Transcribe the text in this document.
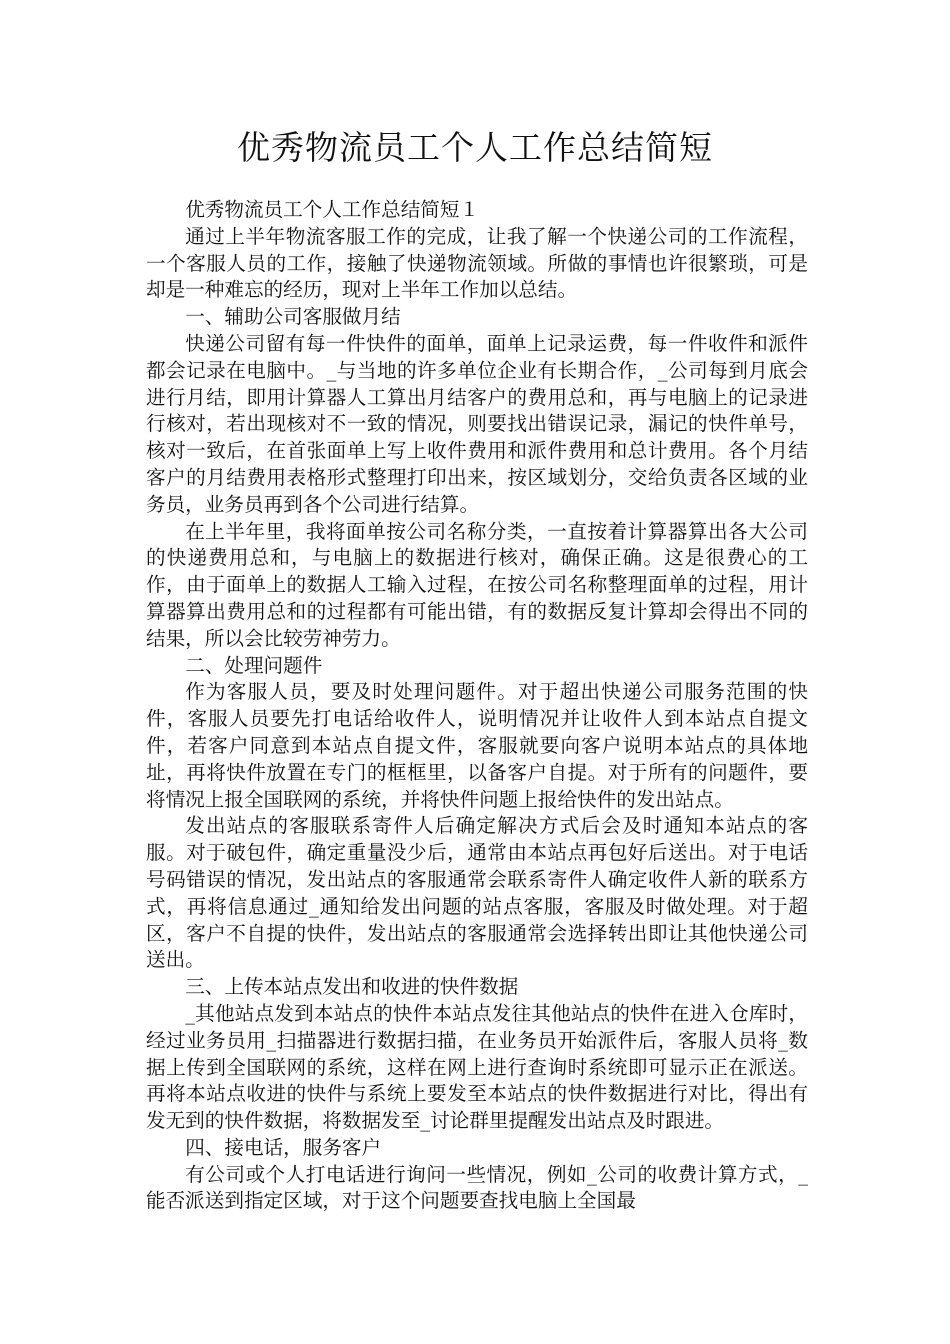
优秀物流员工个人工作总结简短

优秀物流员工个人工作总结简短１

通过上半年物流客服工作的完成，让我了解一个快递公司的工作流程，一个客服人员的工作，接触了快递物流领域。所做的事情也许很繁琐，可是却是一种难忘的经历，现对上半年工作加以总结。

一、辅助公司客服做月结

快递公司留有每一件快件的面单，面单上记录运费，每一件收件和派件都会记录在电脑中。_与当地的许多单位企业有长期合作，_公司每到月底会进行月结，即用计算器人工算出月结客户的费用总和，再与电脑上的记录进行核对，若出现核对不一致的情况，则要找出错误记录，漏记的快件单号，核对一致后，在首张面单上写上收件费用和派件费用和总计费用。各个月结客户的月结费用表格形式整理打印出来，按区域划分，交给负责各区域的业务员，业务员再到各个公司进行结算。

在上半年里，我将面单按公司名称分类，一直按着计算器算出各大公司的快递费用总和，与电脑上的数据进行核对，确保正确。这是很费心的工作，由于面单上的数据人工输入过程，在按公司名称整理面单的过程，用计算器算出费用总和的过程都有可能出错，有的数据反复计算却会得出不同的结果，所以会比较劳神劳力。

二、处理问题件

作为客服人员，要及时处理问题件。对于超出快递公司服务范围的快件，客服人员要先打电话给收件人，说明情况并让收件人到本站点自提文件，若客户同意到本站点自提文件，客服就要向客户说明本站点的具体地址，再将快件放置在专门的框框里，以备客户自提。对于所有的问题件，要将情况上报全国联网的系统，并将快件问题上报给快件的发出站点。

发出站点的客服联系寄件人后确定解决方式后会及时通知本站点的客服。对于破包件，确定重量没少后，通常由本站点再包好后送出。对于电话号码错误的情况，发出站点的客服通常会联系寄件人确定收件人新的联系方式，再将信息通过_通知给发出问题的站点客服，客服及时做处理。对于超区，客户不自提的快件，发出站点的客服通常会选择转出即让其他快递公司送出。

三、上传本站点发出和收进的快件数据

_其他站点发到本站点的快件本站点发往其他站点的快件在进入仓库时，经过业务员用_扫描器进行数据扫描，在业务员开始派件后，客服人员将_数据上传到全国联网的系统，这样在网上进行查询时系统即可显示正在派送。再将本站点收进的快件与系统上要发至本站点的快件数据进行对比，得出有发无到的快件数据，将数据发至_讨论群里提醒发出站点及时跟进。

四、接电话，服务客户

有公司或个人打电话进行询问一些情况，例如_公司的收费计算方式，_能否派送到指定区域，对于这个问题要查找电脑上全国最
